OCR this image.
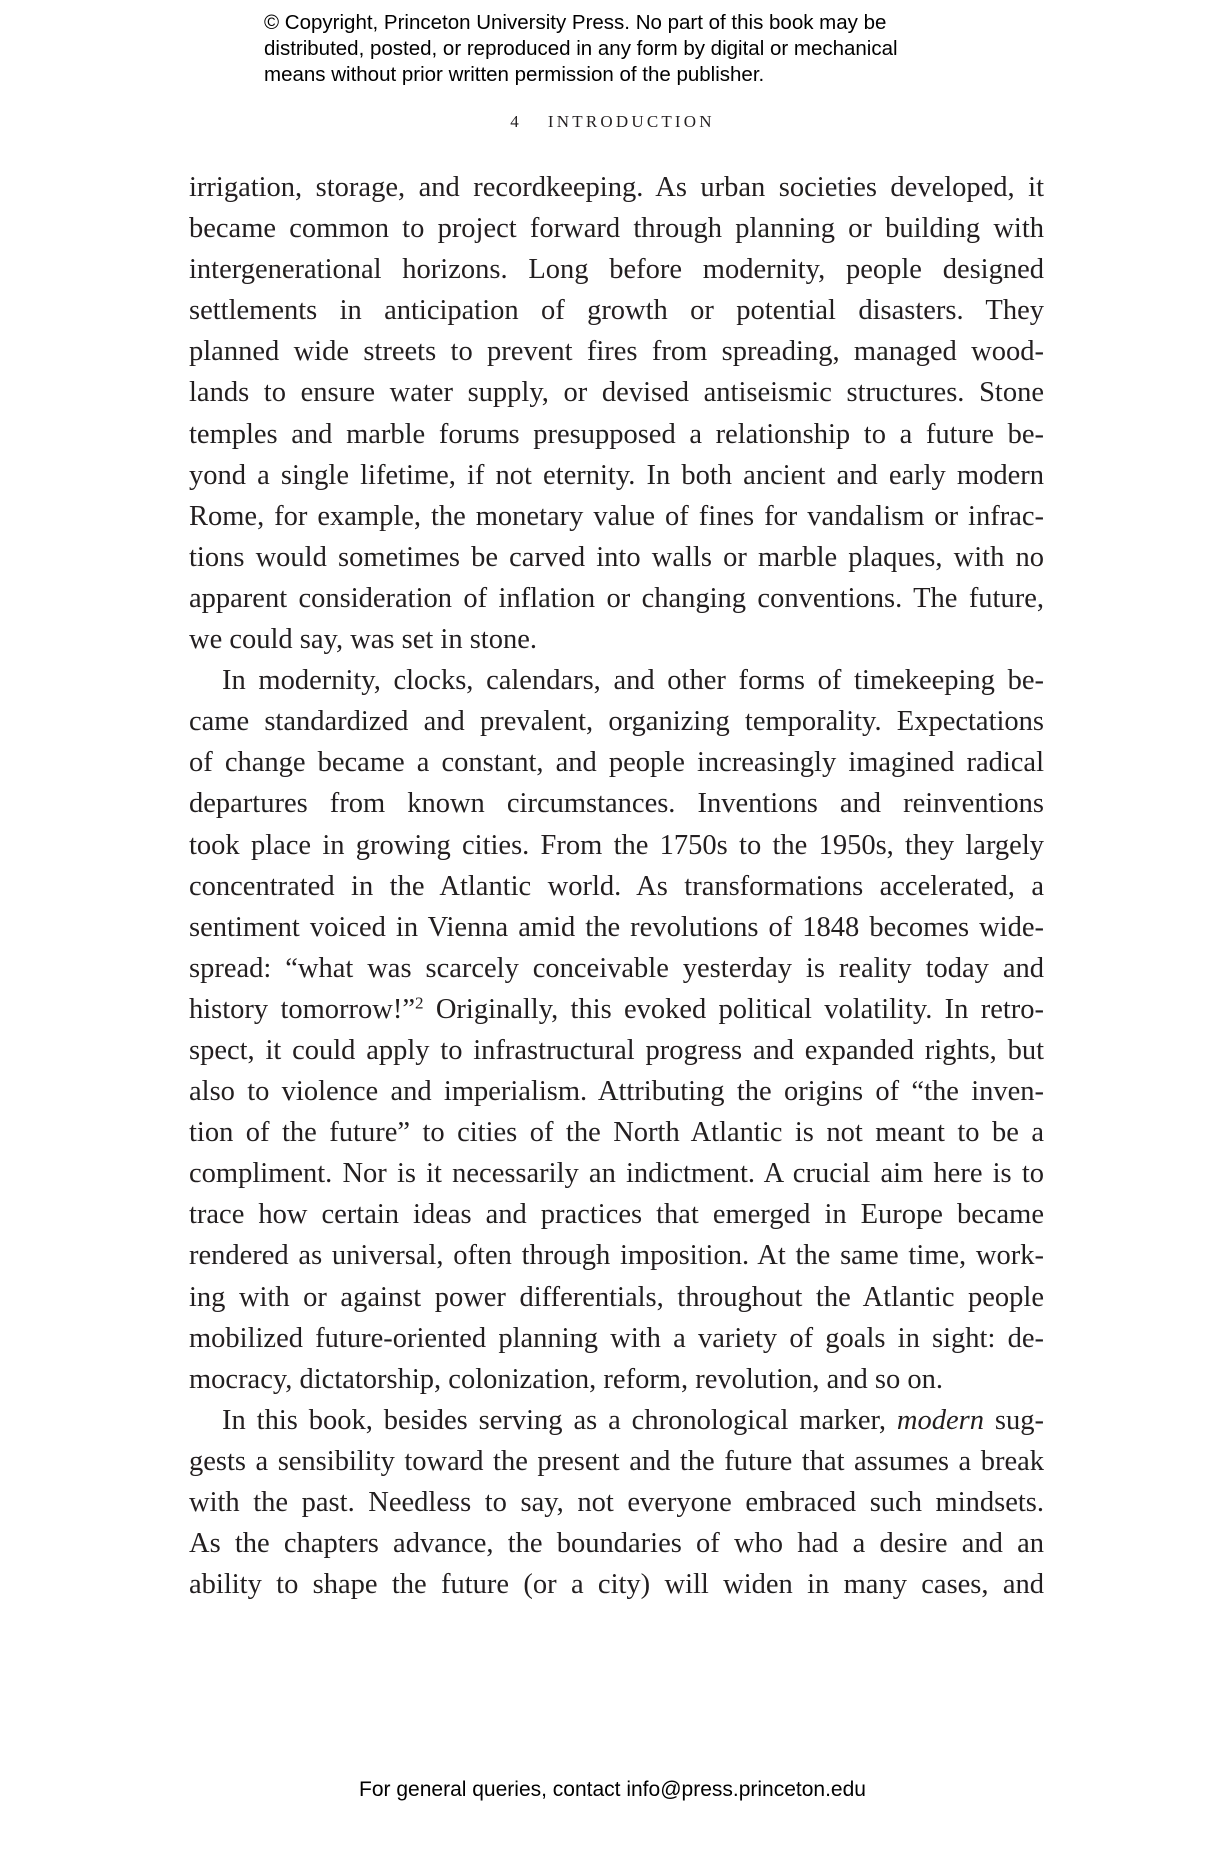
© Copyright, Princeton University Press. No part of this book may be
distributed, posted, or reproduced in any form by digital or mechanical
means without prior written permission of the publisher.
4 INTRODUCTION
irrigation, storage, and recordkeeping. As urban societies developed, it
became common to project forward through planning or building with
intergenerational horizons. Long before modernity, people designed
settlements in anticipation of growth or potential disasters. They
planned wide streets to prevent fires from spreading, managed wood-
lands to ensure water supply, or devised antiseismic structures. Stone
temples and marble forums presupposed a relationship to a future be-
yond a single lifetime, if not eternity. In both ancient and early modern
Rome, for example, the monetary value of fines for vandalism or infrac-
tions would sometimes be carved into walls or marble plaques, with no
apparent consideration of inflation or changing conventions. The future,
we could say, was set in stone.
In modernity, clocks, calendars, and other forms of timekeeping be-
came standardized and prevalent, organizing temporality. Expectations
of change became a constant, and people increasingly imagined radical
departures from known circumstances. Inventions and reinventions
took place in growing cities. From the 1750s to the 1950s, they largely
concentrated in the Atlantic world. As transformations accelerated, a
sentiment voiced in Vienna amid the revolutions of 1848 becomes wide-
spread: “what was scarcely conceivable yesterday is reality today and
history tomorrow!”$^2$ Originally, this evoked political volatility. In retro-
spect, it could apply to infrastructural progress and expanded rights, but
also to violence and imperialism. Attributing the origins of “the inven-
tion of the future” to cities of the North Atlantic is not meant to be a
compliment. Nor is it necessarily an indictment. A crucial aim here is to
trace how certain ideas and practices that emerged in Europe became
rendered as universal, often through imposition. At the same time, work-
ing with or against power differentials, throughout the Atlantic people
mobilized future-oriented planning with a variety of goals in sight: de-
mocracy, dictatorship, colonization, reform, revolution, and so on.
In this book, besides serving as a chronological marker, modern sug-
gests a sensibility toward the present and the future that assumes a break
with the past. Needless to say, not everyone embraced such mindsets.
As the chapters advance, the boundaries of who had a desire and an
ability to shape the future (or a city) will widen in many cases, and
For general queries, contact info@press.princeton.edu
